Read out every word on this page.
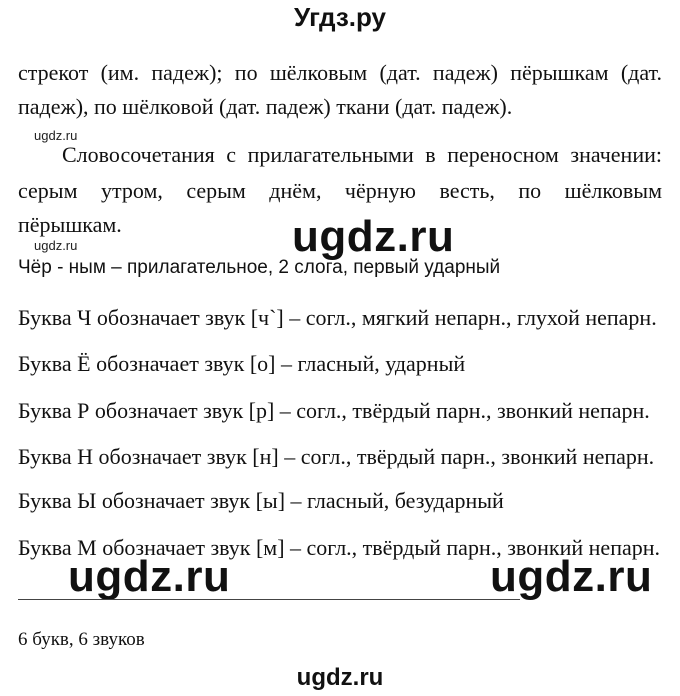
Угдз.ру
стрекот (им. падеж); по шёлковым (дат. падеж) пёрышкам (дат.
падеж), по шёлковой (дат. падеж) ткани (дат. падеж).
ugdz.ru
Словосочетания с прилагательными в переносном значении:
серым утром, серым днём, чёрную весть, по шёлковым
пёрышкам.	ugdz.ru
ugdz.ru
Чёр - ным – прилагательное, 2 слога, первый ударный
Буква Ч обозначает звук [ч`] – согл., мягкий непарн., глухой непарн.
Буква Ё обозначает звук [о] – гласный, ударный
Буква Р обозначает звук [р] – согл., твёрдый парн., звонкий непарн.
Буква Н обозначает звук [н] – согл., твёрдый парн., звонкий непарн.
Буква Ы обозначает звук [ы] – гласный, безударный
Буква М обозначает звук [м] – согл., твёрдый парн., звонкий непарн.
ugdz.ru	ugdz.ru
6 букв, 6 звуков
ugdz.ru
